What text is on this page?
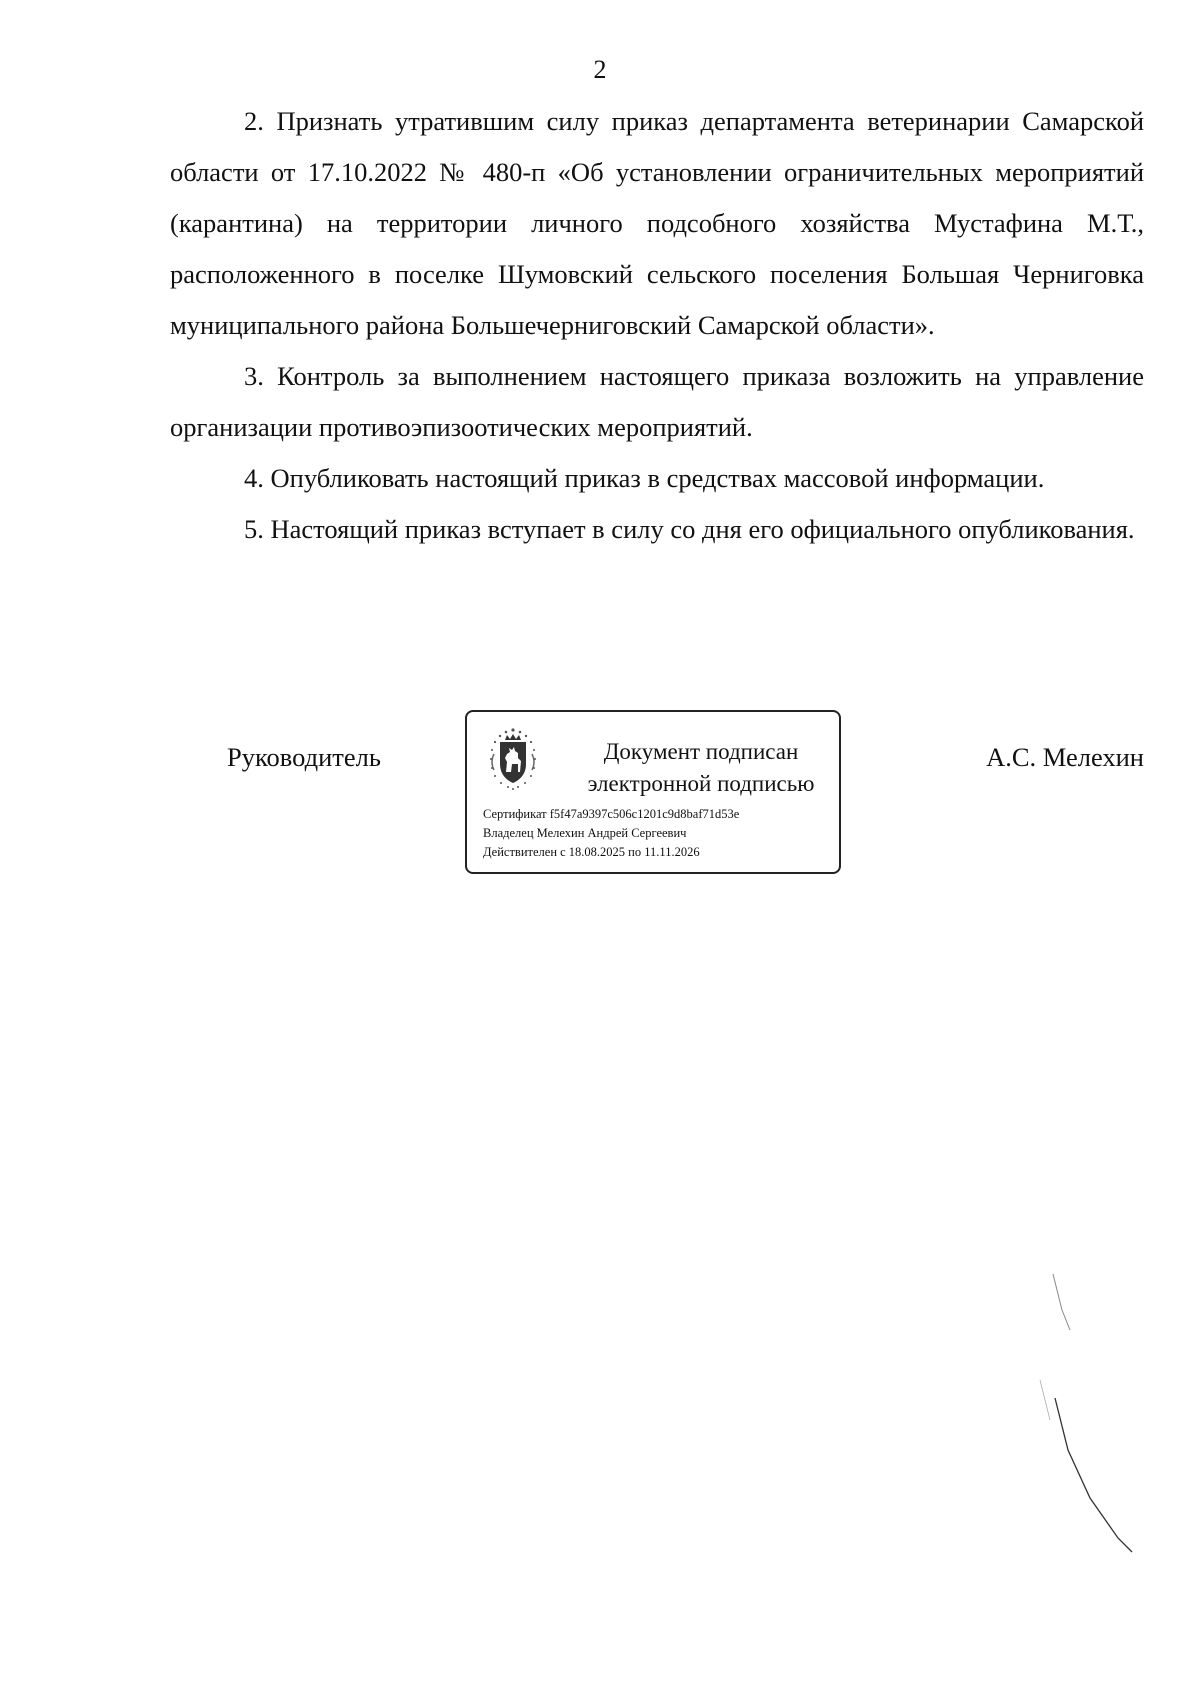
2

2. Признать утратившим силу приказ департамента ветеринарии Самарской области от 17.10.2022 № 480-п «Об установлении ограничительных мероприятий (карантина) на территории личного подсобного хозяйства Мустафина М.Т., расположенного в поселке Шумовский сельского поселения Большая Черниговка муниципального района Большечерниговский Самарской области».

3. Контроль за выполнением настоящего приказа возложить на управление организации противоэпизоотических мероприятий.

4. Опубликовать настоящий приказ в средствах массовой информации.

5. Настоящий приказ вступает в силу со дня его официального опубликования.

Руководитель	Документ подписан
электронной подписью
Сертификат f5f47a9397c506c1201c9d8baf71d53e
Владелец Мелехин Андрей Сергеевич
Действителен с 18.08.2025 по 11.11.2026
А.С. Мелехин
